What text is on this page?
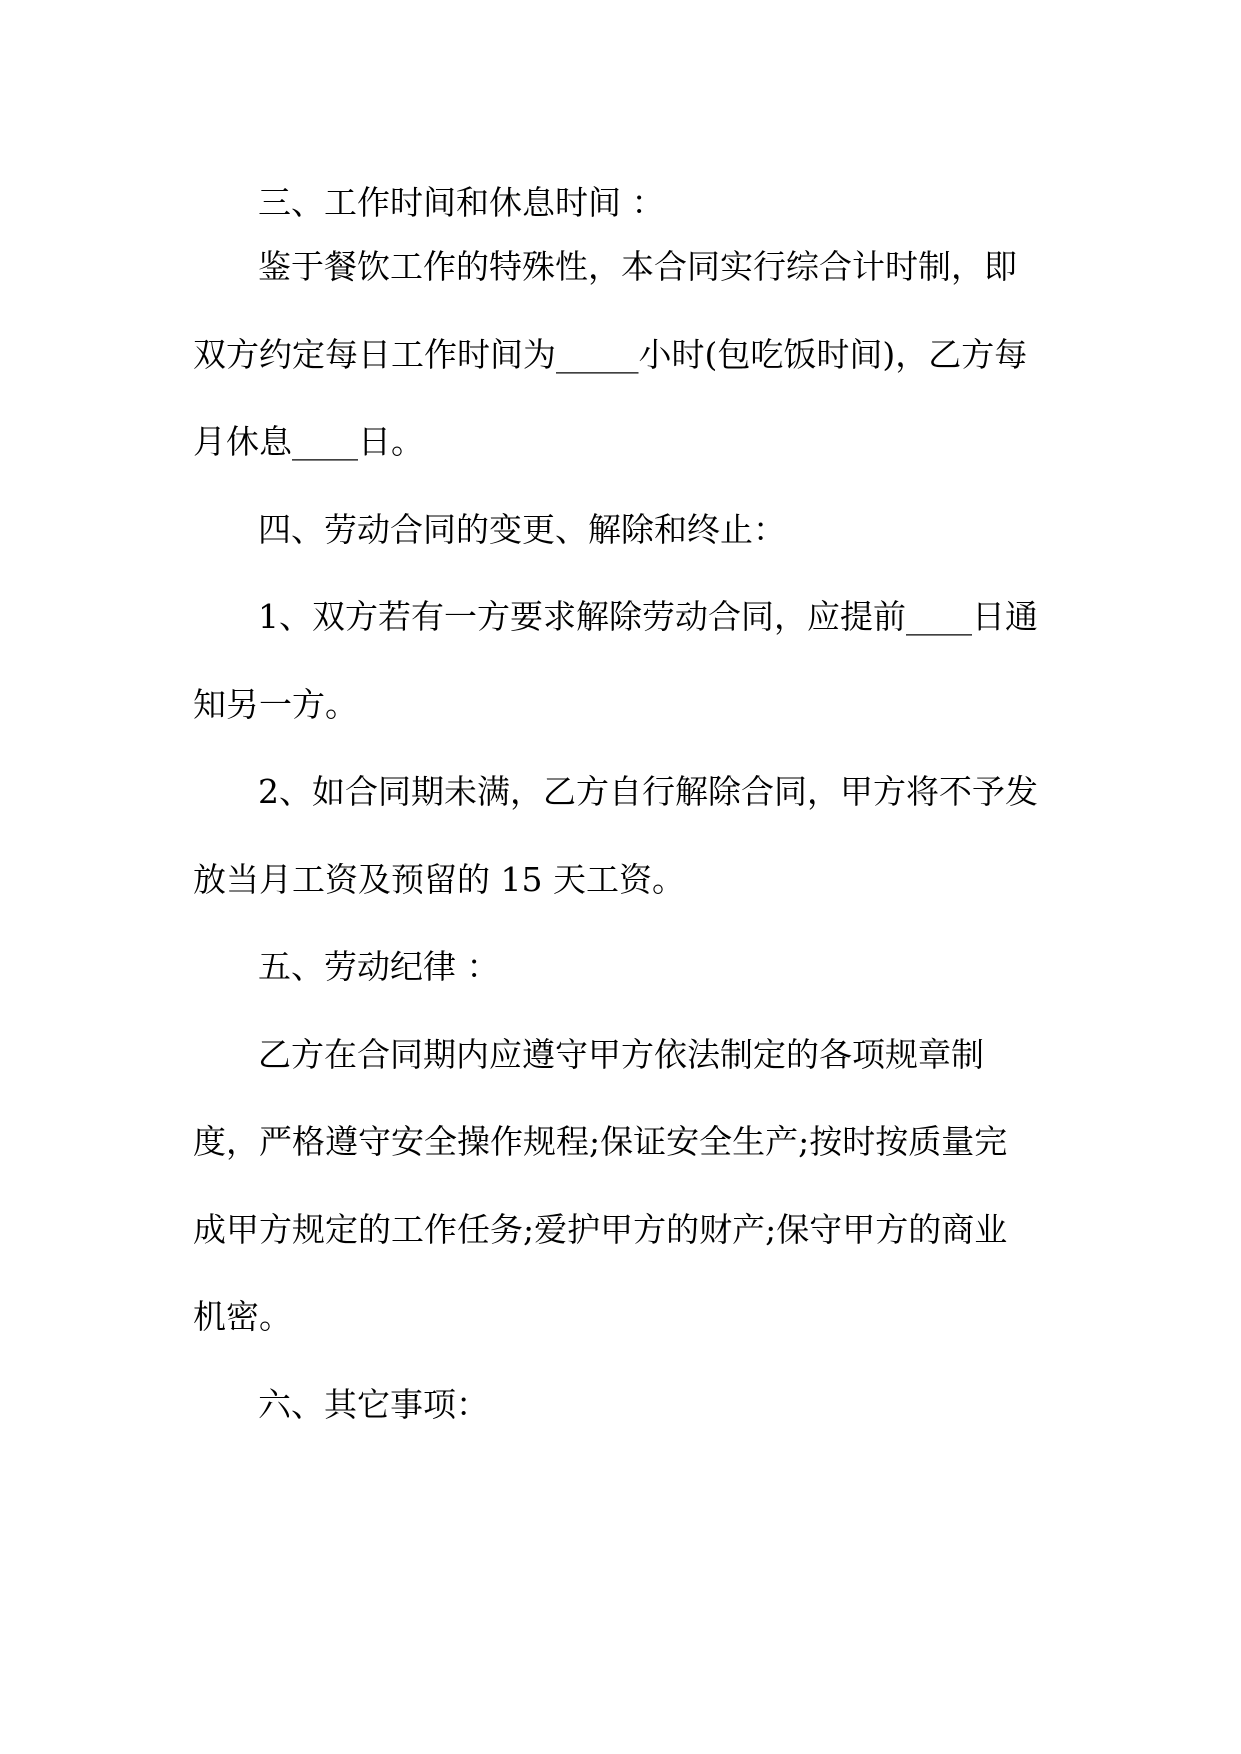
三、工作时间和休息时间 ：

鉴于餐饮工作的特殊性，本合同实行综合计时制，即

双方约定每日工作时间为_____小时(包吃饭时间)，乙方每

月休息____日。

四、劳动合同的变更、解除和终止：

1、双方若有一方要求解除劳动合同，应提前____日通

知另一方。

2、如合同期未满，乙方自行解除合同，甲方将不予发

放当月工资及预留的 15 天工资。

五、劳动纪律 ：

乙方在合同期内应遵守甲方依法制定的各项规章制

度，严格遵守安全操作规程;保证安全生产;按时按质量完

成甲方规定的工作任务;爱护甲方的财产;保守甲方的商业

机密。

六、其它事项：
